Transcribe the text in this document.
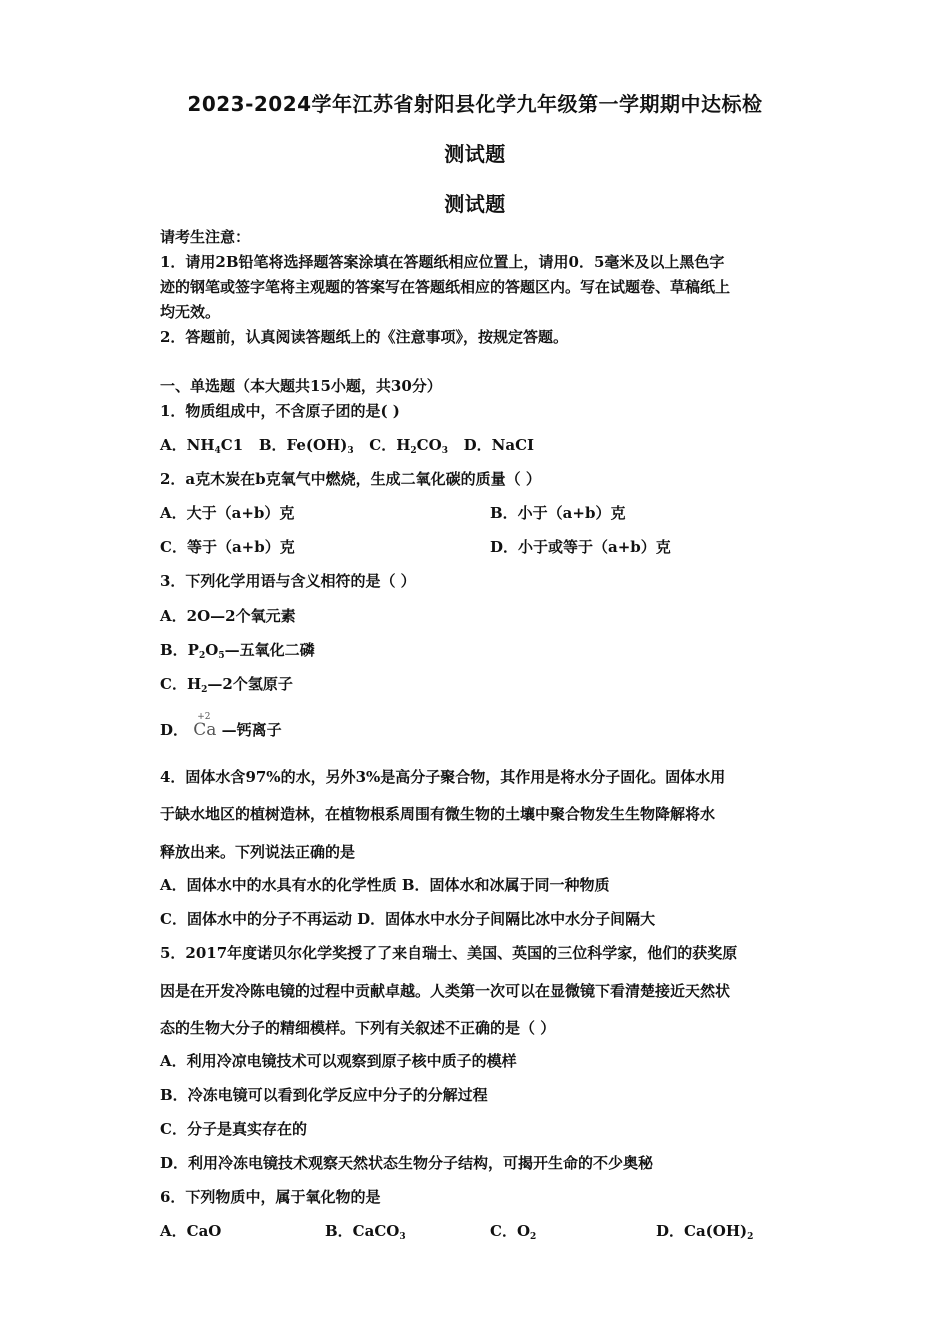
2023-2024学年江苏省射阳县化学九年级第一学期期中达标检
测试题
测试题
请考生注意：
1．请用2B铅笔将选择题答案涂填在答题纸相应位置上，请用0．5毫米及以上黑色字
迹的钢笔或签字笔将主观题的答案写在答题纸相应的答题区内。写在试题卷、草稿纸上
均无效。
2．答题前，认真阅读答题纸上的《注意事项》，按规定答题。
一、单选题（本大题共15小题，共30分）
1．物质组成中，不含原子团的是( )
A．$NH_4C1$ B．$Fe(OH)_3$ C．$H_2CO_3$ D．NaCI
2．a克木炭在b克氧气中燃烧，生成二氧化碳的质量（ ）
A．大于（a+b）克	B．小于（a+b）克
C．等于（a+b）克	D．小于或等于（a+b）克
3．下列化学用语与含义相符的是（ ）
A．2O—2个氧元素
B．$P_2O_5—$五氧化二磷
C．$H_2—2$个氢原子
D．
+2
Ca —钙离子
4．固体水含97%的水，另外3%是高分子聚合物，其作用是将水分子固化。固体水用
于缺水地区的植树造林，在植物根系周围有微生物的土壤中聚合物发生生物降解将水
释放出来。下列说法正确的是
A．固体水中的水具有水的化学性质 B．固体水和冰属于同一种物质
C．固体水中的分子不再运动 D．固体水中水分子间隔比冰中水分子间隔大
5．2017年度诺贝尔化学奖授了了来自瑞士、美国、英国的三位科学家，他们的获奖原
因是在开发冷陈电镜的过程中贡献卓越。人类第一次可以在显微镜下看清楚接近天然状
态的生物大分子的精细模样。下列有关叙述不正确的是（ ）
A．利用冷凉电镜技术可以观察到原子核中质子的模样
B．冷冻电镜可以看到化学反应中分子的分解过程
C．分子是真实存在的
D．利用冷冻电镜技术观察天然状态生物分子结构，可揭开生命的不少奥秘
6．下列物质中，属于氧化物的是
A．CaO	B．CaCO$_3$	C．$O_2$	D．$Ca(OH)_2$
